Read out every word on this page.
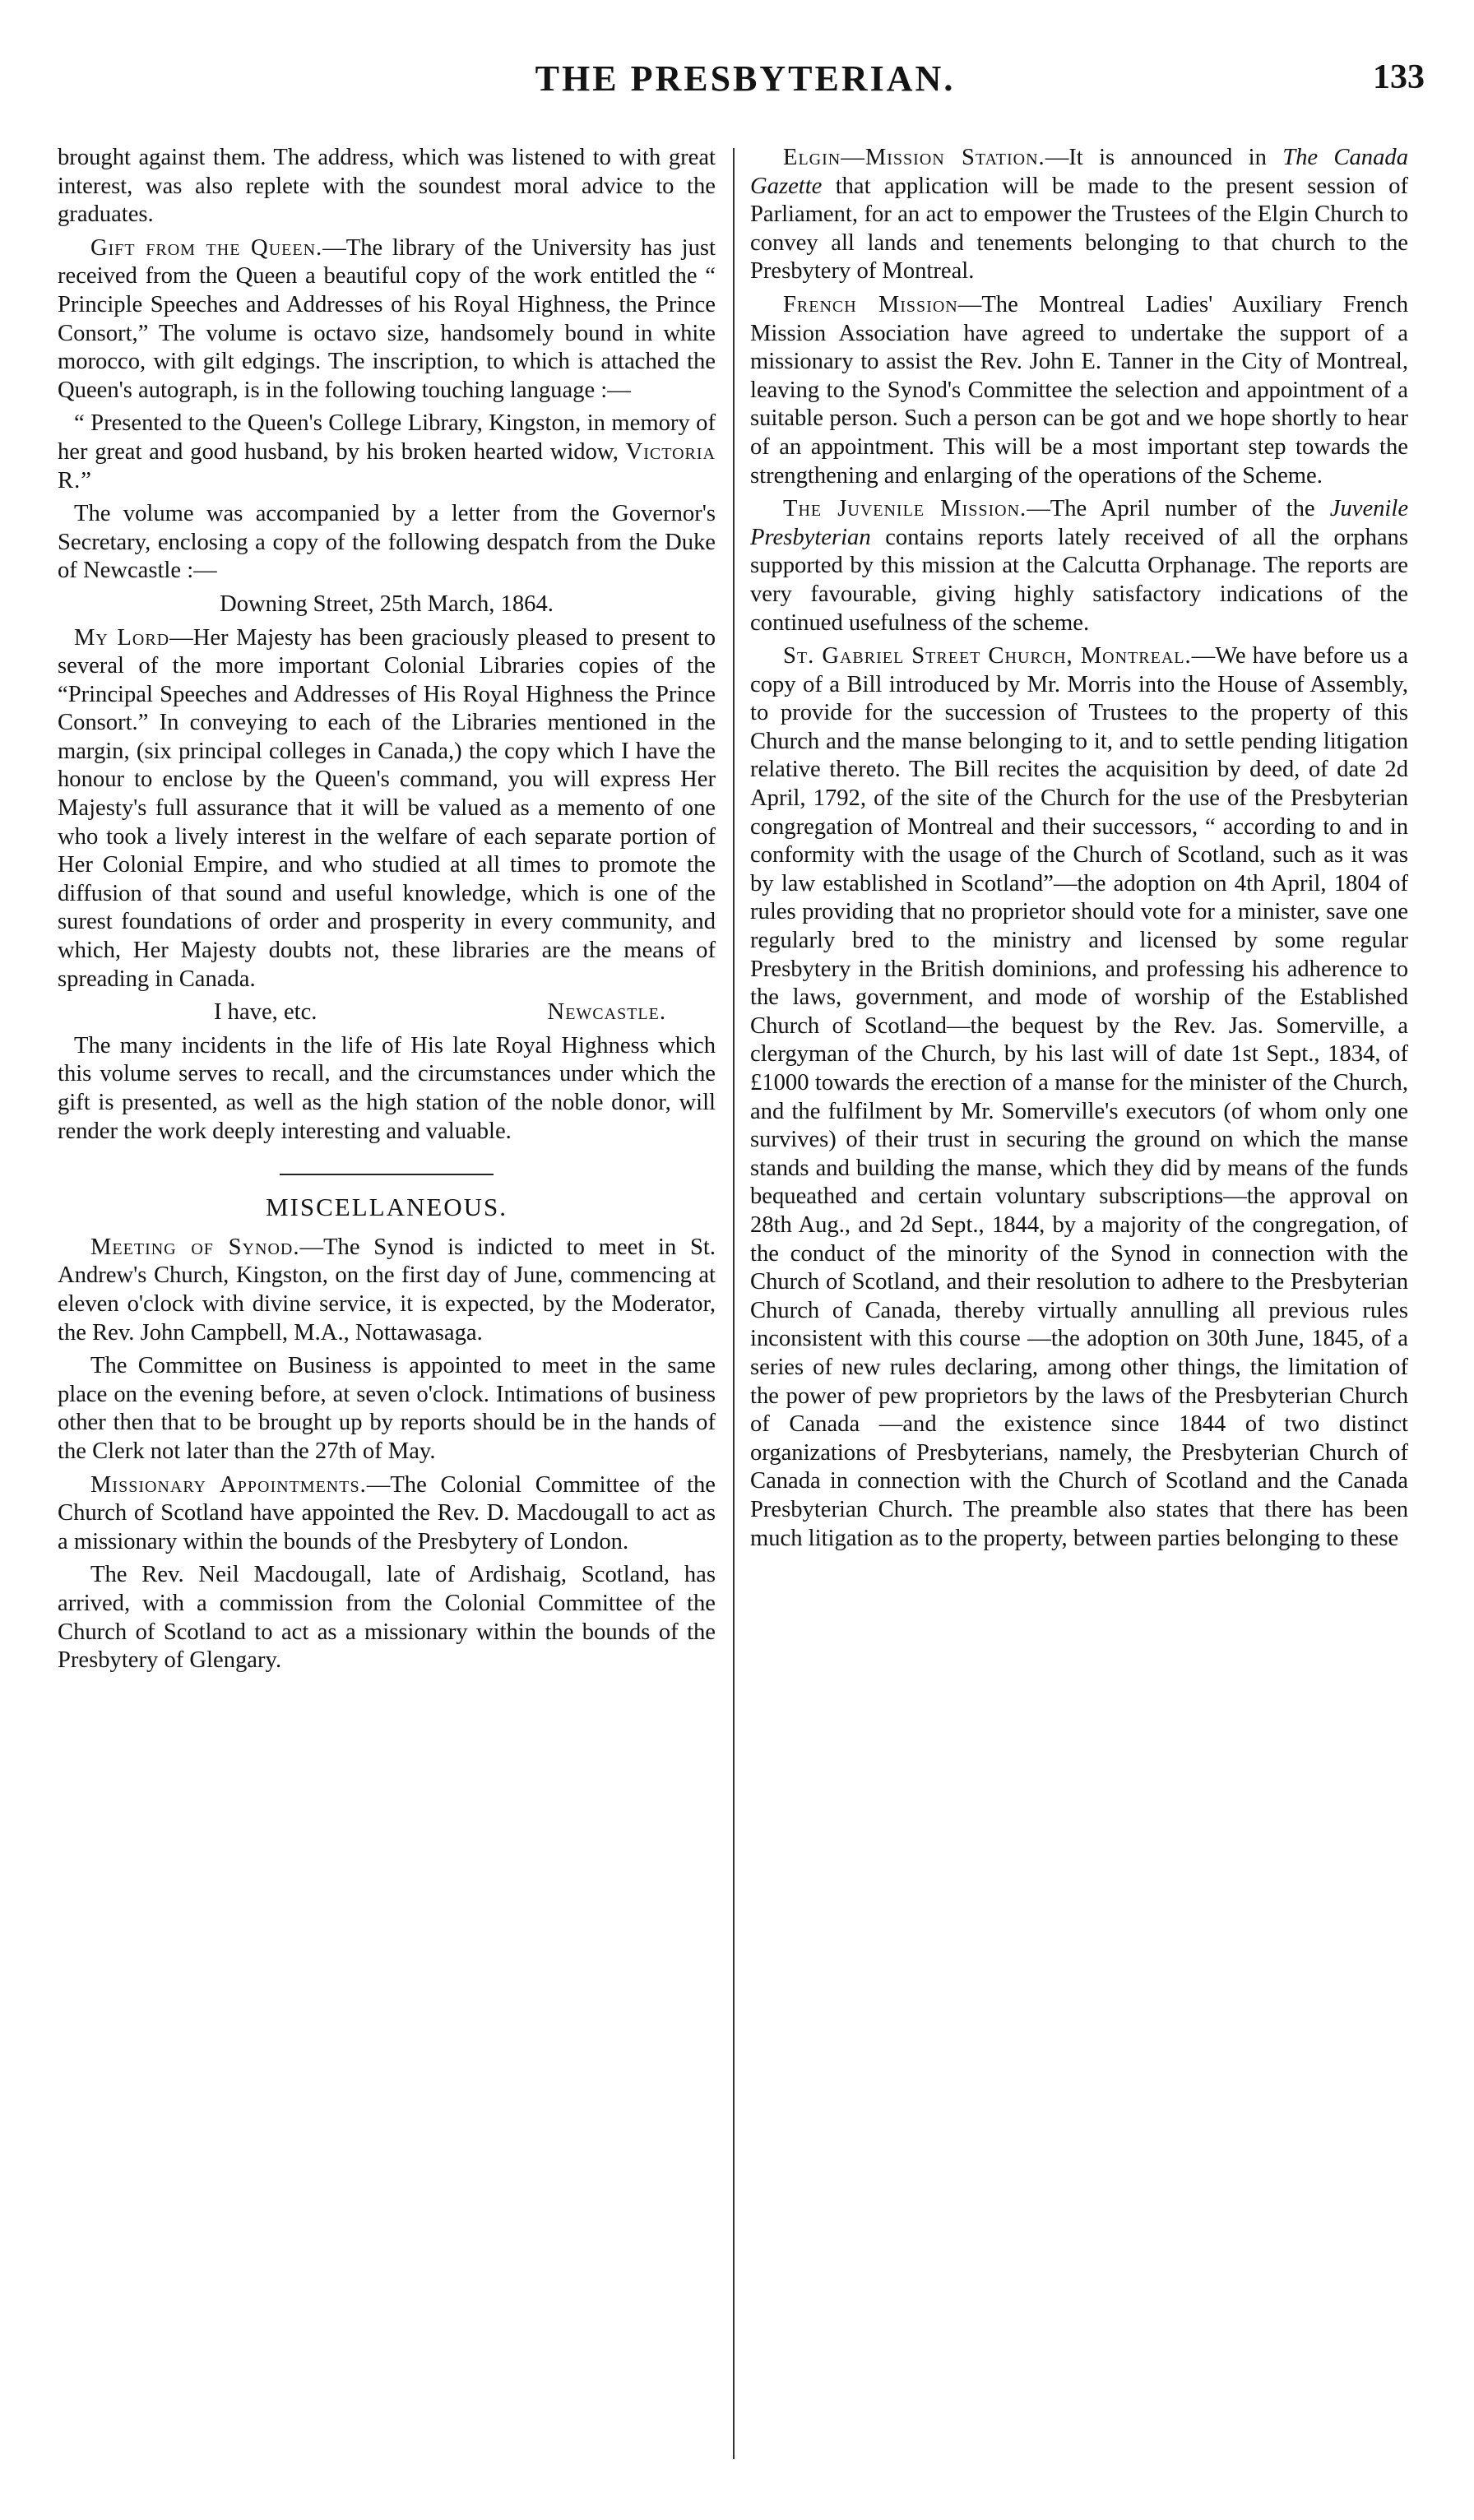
THE PRESBYTERIAN.	133

brought against them. The address, which was listened to with great interest, was also replete with the soundest moral advice to the graduates.

Gift from the Queen.—The library of the University has just received from the Queen a beautiful copy of the work entitled the “ Principle Speeches and Addresses of his Royal Highness, the Prince Consort,” The volume is octavo size, handsomely bound in white morocco, with gilt edgings. The inscription, to which is attached the Queen's autograph, is in the following touching language :—

“ Presented to the Queen's College Library, Kingston, in memory of her great and good husband, by his broken hearted widow, Victoria R.”

The volume was accompanied by a letter from the Governor's Secretary, enclosing a copy of the following despatch from the Duke of Newcastle :—

Downing Street, 25th March, 1864.

My Lord—Her Majesty has been graciously pleased to present to several of the more important Colonial Libraries copies of the “Principal Speeches and Addresses of His Royal Highness the Prince Consort.” In conveying to each of the Libraries mentioned in the margin, (six principal colleges in Canada,) the copy which I have the honour to enclose by the Queen's command, you will express Her Majesty's full assurance that it will be valued as a memento of one who took a lively interest in the welfare of each separate portion of Her Colonial Empire, and who studied at all times to promote the diffusion of that sound and useful knowledge, which is one of the surest foundations of order and prosperity in every community, and which, Her Majesty doubts not, these libraries are the means of spreading in Canada.

I have, etc.	Newcastle.

The many incidents in the life of His late Royal Highness which this volume serves to recall, and the circumstances under which the gift is presented, as well as the high station of the noble donor, will render the work deeply interesting and valuable.

MISCELLANEOUS.

Meeting of Synod.—The Synod is indicted to meet in St. Andrew's Church, Kingston, on the first day of June, commencing at eleven o'clock with divine service, it is expected, by the Moderator, the Rev. John Campbell, M.A., Nottawasaga.

The Committee on Business is appointed to meet in the same place on the evening before, at seven o'clock. Intimations of business other then that to be brought up by reports should be in the hands of the Clerk not later than the 27th of May.

Missionary Appointments.—The Colonial Committee of the Church of Scotland have appointed the Rev. D. Macdougall to act as a missionary within the bounds of the Presbytery of London.

The Rev. Neil Macdougall, late of Ardishaig, Scotland, has arrived, with a commission from the Colonial Committee of the Church of Scotland to act as a missionary within the bounds of the Presbytery of Glengary.

Elgin—Mission Station.—It is announced in The Canada Gazette that application will be made to the present session of Parliament, for an act to empower the Trustees of the Elgin Church to convey all lands and tenements belonging to that church to the Presbytery of Montreal.

French Mission—The Montreal Ladies' Auxiliary French Mission Association have agreed to undertake the support of a missionary to assist the Rev. John E. Tanner in the City of Montreal, leaving to the Synod's Committee the selection and appointment of a suitable person. Such a person can be got and we hope shortly to hear of an appointment. This will be a most important step towards the strengthening and enlarging of the operations of the Scheme.

The Juvenile Mission.—The April number of the Juvenile Presbyterian contains reports lately received of all the orphans supported by this mission at the Calcutta Orphanage. The reports are very favourable, giving highly satisfactory indications of the continued usefulness of the scheme.

St. Gabriel Street Church, Montreal.—We have before us a copy of a Bill introduced by Mr. Morris into the House of Assembly, to provide for the succession of Trustees to the property of this Church and the manse belonging to it, and to settle pending litigation relative thereto. The Bill recites the acquisition by deed, of date 2d April, 1792, of the site of the Church for the use of the Presbyterian congregation of Montreal and their successors, “ according to and in conformity with the usage of the Church of Scotland, such as it was by law established in Scotland”—the adoption on 4th April, 1804 of rules providing that no proprietor should vote for a minister, save one regularly bred to the ministry and licensed by some regular Presbytery in the British dominions, and professing his adherence to the laws, government, and mode of worship of the Established Church of Scotland—the bequest by the Rev. Jas. Somerville, a clergyman of the Church, by his last will of date 1st Sept., 1834, of £1000 towards the erection of a manse for the minister of the Church, and the fulfilment by Mr. Somerville's executors (of whom only one survives) of their trust in securing the ground on which the manse stands and building the manse, which they did by means of the funds bequeathed and certain voluntary subscriptions—the approval on 28th Aug., and 2d Sept., 1844, by a majority of the congregation, of the conduct of the minority of the Synod in connection with the Church of Scotland, and their resolution to adhere to the Presbyterian Church of Canada, thereby virtually annulling all previous rules inconsistent with this course —the adoption on 30th June, 1845, of a series of new rules declaring, among other things, the limitation of the power of pew proprietors by the laws of the Presbyterian Church of Canada —and the existence since 1844 of two distinct organizations of Presbyterians, namely, the Presbyterian Church of Canada in connection with the Church of Scotland and the Canada Presbyterian Church. The preamble also states that there has been much litigation as to the property, between parties belonging to these
